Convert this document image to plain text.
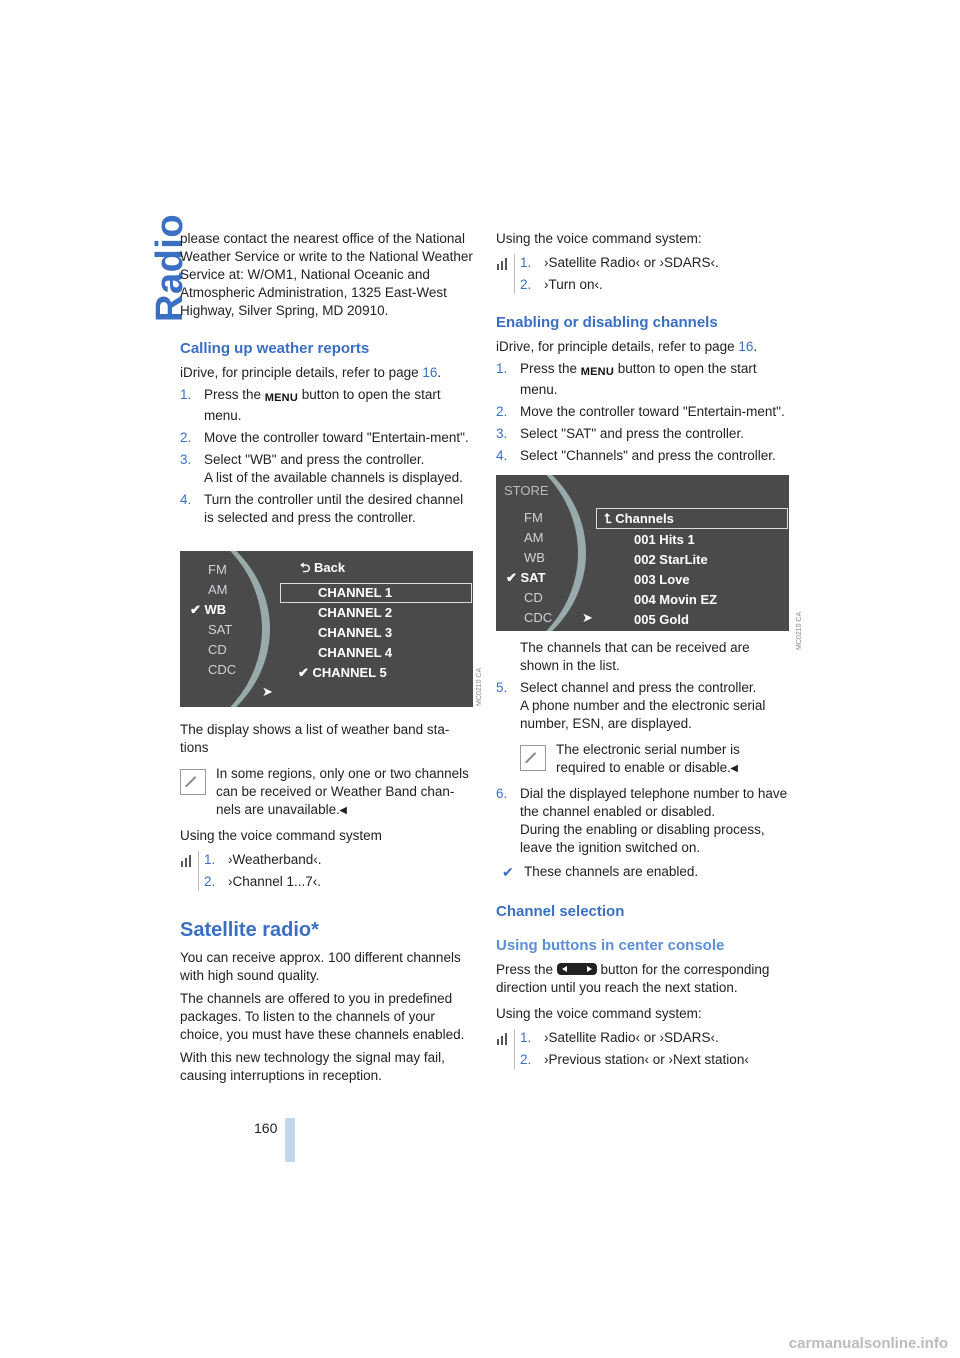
Radio

please contact the nearest office of the National Weather Service or write to the National Weather Service at: W/OM1, National Oceanic and Atmospheric Administration, 1325 East-West Highway, Silver Spring, MD 20910.

Calling up weather reports

iDrive, for principle details, refer to page 16.

1. Press the MENU button to open the start menu.
2. Move the controller toward "Entertain-ment".
3. Select "WB" and press the controller.
A list of the available channels is displayed.
4. Turn the controller until the desired channel is selected and press the controller.
⮌ Back
FM
AM
✔ WB
SAT
CD
CDC
➤
CHANNEL 1
CHANNEL 2
CHANNEL 3
CHANNEL 4
✔ CHANNEL 5

The display shows a list of weather band sta-tions

In some regions, only one or two channels can be received or Weather Band chan-nels are unavailable.◂

Using the voice command system

1. ›Weatherband‹.
2. ›Channel 1...7‹.
Satellite radio*

You can receive approx. 100 different channels with high sound quality.

The channels are offered to you in predefined packages. To listen to the channels of your choice, you must have these channels enabled.

With this new technology the signal may fail, causing interruptions in reception.

MC0210 CA

Using the voice command system:

1. ›Satellite Radio‹ or ›SDARS‹.
2. ›Turn on‹.
Enabling or disabling channels

iDrive, for principle details, refer to page 16.

1. Press the MENU button to open the start menu.
2. Move the controller toward "Entertain-ment".
3. Select "SAT" and press the controller.
4. Select "Channels" and press the controller.
STORE
FM
AM
WB
✔ SAT
CD
CDC ➤
⮤ Channels
001 Hits 1
002 StarLite
003 Love
004 Movin EZ
005 Gold
The channels that can be received are shown in the list.
5. Select channel and press the controller.
A phone number and the electronic serial number, ESN, are displayed.
The electronic serial number is required to enable or disable.◂
6. Dial the displayed telephone number to have the channel enabled or disabled.
During the enabling or disabling process, leave the ignition switched on.
✔ These channels are enabled.
Channel selection
Using buttons in center console

Press the	button for the corresponding direction until you reach the next station.

Using the voice command system:

1. ›Satellite Radio‹ or ›SDARS‹.
2. ›Previous station‹ or ›Next station‹
MC0210 CA
160
carmanualsonline.info
